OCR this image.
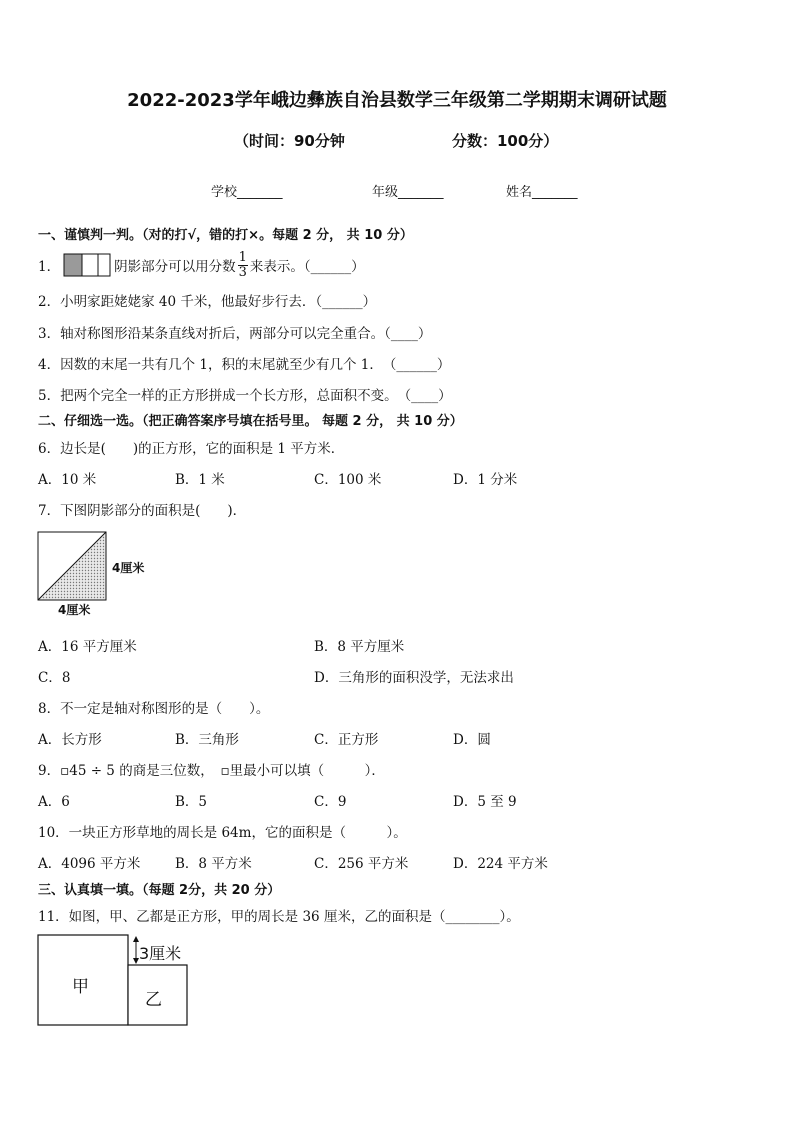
2022-2023学年峨边彝族自治县数学三年级第二学期期末调研试题
（时间：90分钟	分数：100分）
学校_______	年级_______	姓名_______
一、谨慎判一判。（对的打√，错的打×。每题 2 分， 共 10 分）
1．	阴影部分可以用分数 $\frac{1}{3}$ 来表示。（______）
2．小明家距姥姥家 40 千米，他最好步行去．（______）
3．轴对称图形沿某条直线对折后，两部分可以完全重合。（____）
4．因数的末尾一共有几个 1，积的末尾就至少有几个 1．　（______）
5．把两个完全一样的正方形拼成一个长方形，总面积不变。　（____）
二、仔细选一选。（把正确答案序号填在括号里。 每题 2 分， 共 10 分）
6．边长是(　　)的正方形，它的面积是 1 平方米．
A．10 米	B．1 米	C．100 米	D．1 分米
7．下图阴影部分的面积是(　　)．
4厘米
4厘米
A．16 平方厘米	B．8 平方厘米
C．8	D．三角形的面积没学，无法求出
8．不一定是轴对称图形的是（　　）。
A．长方形	B．三角形	C．正方形	D．圆
9．▫45 ÷ 5 的商是三位数，　▫里最小可以填（　　　）．
A．6	B．5	C．9	D．5 至 9
10．一块正方形草地的周长是 64m，它的面积是（　　　）。
A．4096 平方米	B．8 平方米	C．256 平方米	D．224 平方米
三、认真填一填。（每题 2分，共 20 分）
11．如图，甲、乙都是正方形，甲的周长是 36 厘米，乙的面积是（________）。
甲
乙
3厘米
